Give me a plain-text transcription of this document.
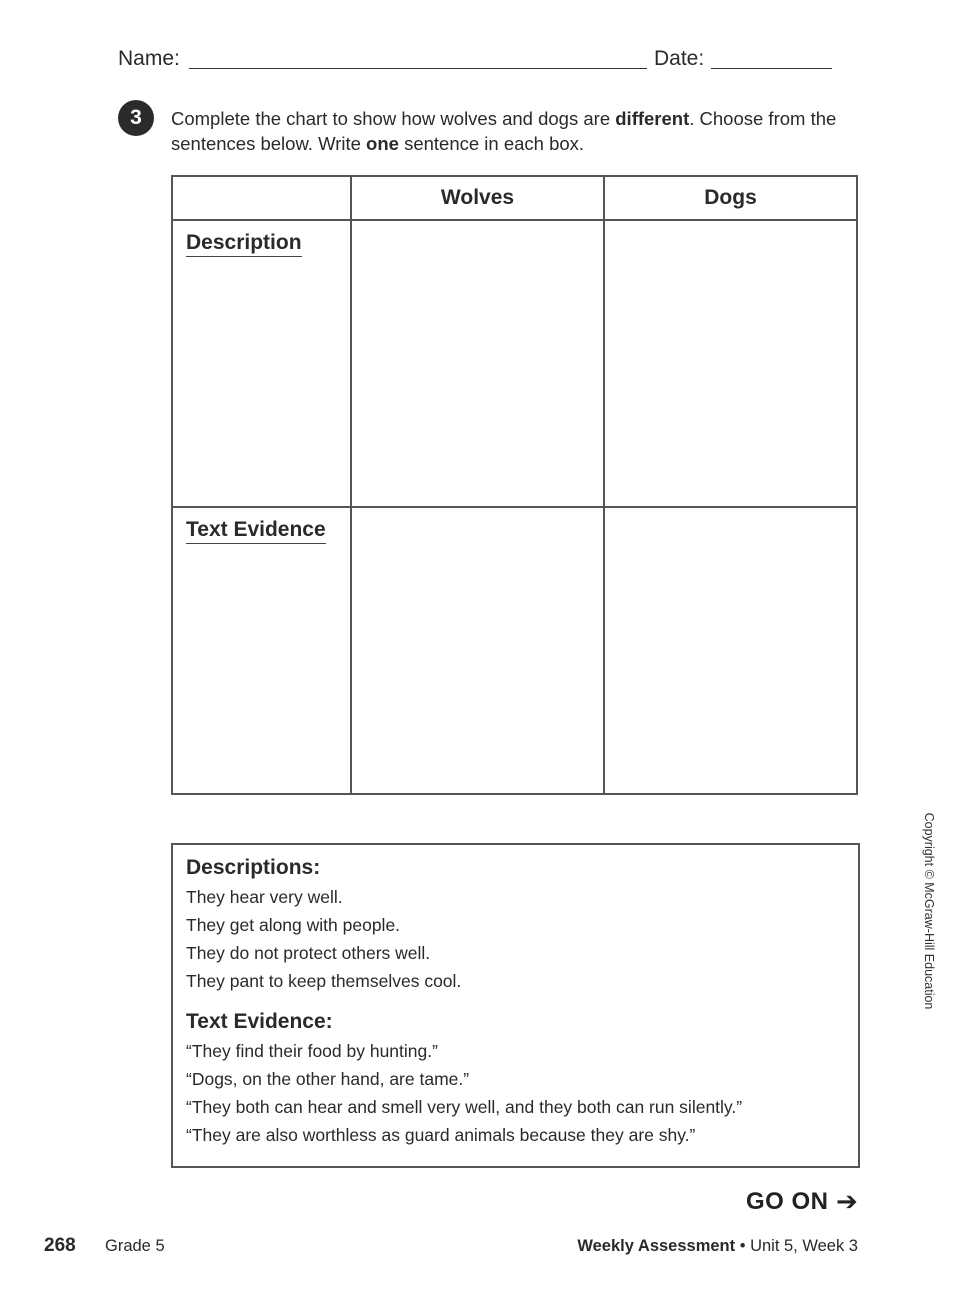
Name:	Date:
3	Complete the chart to show how wolves and dogs are different. Choose from the sentences below. Write one sentence in each box.
	Wolves	Dogs
Description		
Text Evidence		
Descriptions:
They hear very well.
They get along with people.
They do not protect others well.
They pant to keep themselves cool.
Text Evidence:
“They find their food by hunting.”
“Dogs, on the other hand, are tame.”
“They both can hear and smell very well, and they both can run silently.”
“They are also worthless as guard animals because they are shy.”
Copyright © McGraw-Hill Education
GO ON ➔
268 Grade 5	Weekly Assessment • Unit 5, Week 3
